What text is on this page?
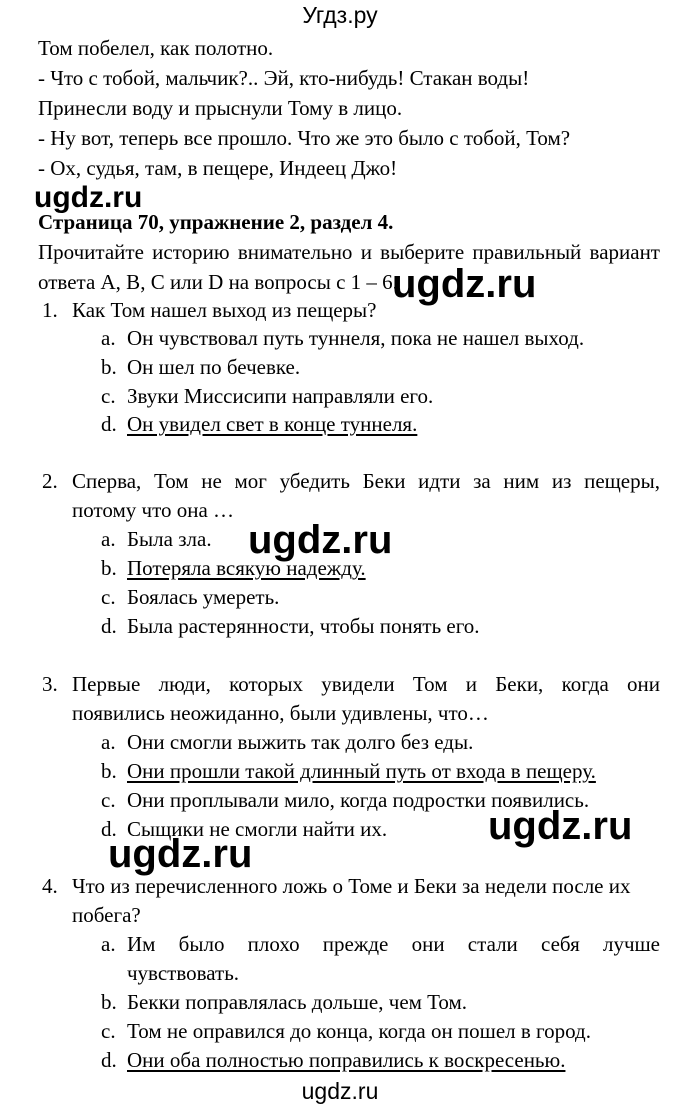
Угдз.ру
Том побелел, как полотно.
- Что с тобой, мальчик?.. Эй, кто-нибудь! Стакан воды!
Принесли воду и прыснули Тому в лицо.
- Ну вот, теперь все прошло. Что же это было с тобой, Том?
- Ох, судья, там, в пещере, Индеец Джо!
ugdz.ru
Страница 70, упражнение 2, раздел 4.
Прочитайте историю внимательно и выберите правильный вариант
ответа A, B, C или D на вопросы с 1 – 6.
ugdz.ru
1. Как Том нашел выход из пещеры?
a. Он чувствовал путь туннеля, пока не нашел выход.
b. Он шел по бечевке.
c. Звуки Миссисипи направляли его.
d. Он увидел свет в конце туннеля.
2. Сперва, Том не мог убедить Беки идти за ним из пещеры,
потому что она …
a. Была зла.
b. Потеряла всякую надежду.
c. Боялась умереть.
d. Была растерянности, чтобы понять его.
ugdz.ru
3. Первые люди, которых увидели Том и Беки, когда они
появились неожиданно, были удивлены, что…
a. Они смогли выжить так долго без еды.
b. Они прошли такой длинный путь от входа в пещеру.
c. Они проплывали мило, когда подростки появились.
d. Сыщики не смогли найти их.	ugdz.ru
ugdz.ru
4. Что из перечисленного ложь о Томе и Беки за недели после их
побега?
a. Им было плохо прежде они стали себя лучше
чувствовать.
b. Бекки поправлялась дольше, чем Том.
c. Том не оправился до конца, когда он пошел в город.
d. Они оба полностью поправились к воскресенью.
ugdz.ru
